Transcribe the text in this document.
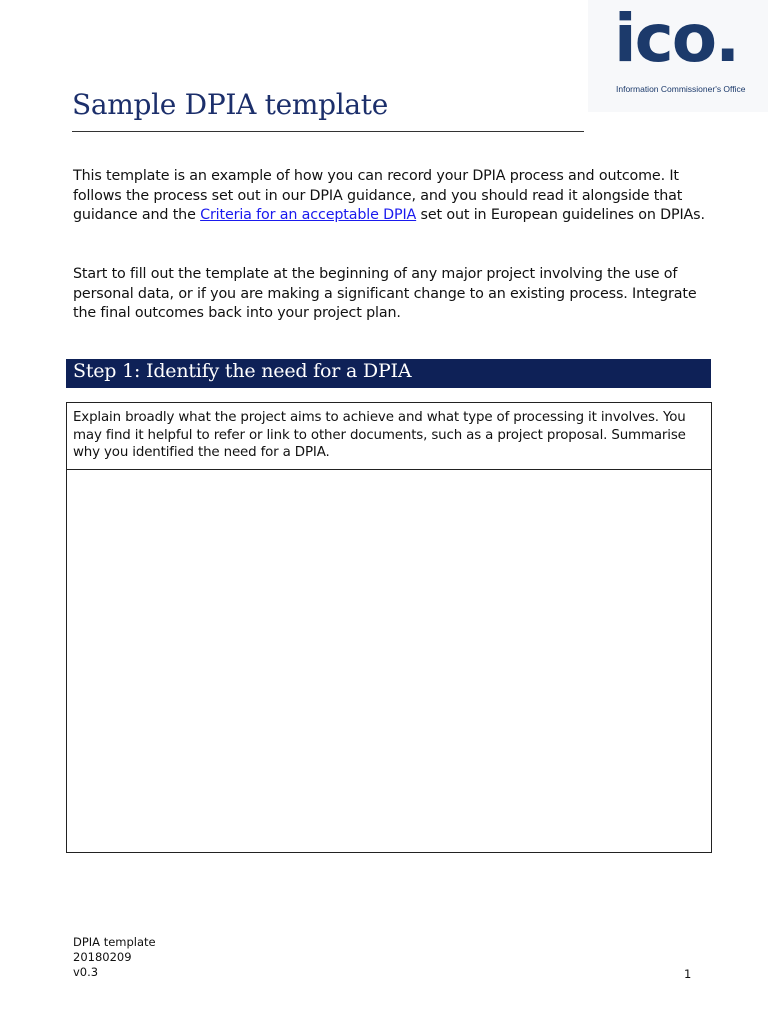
ico.
Information Commissioner's Office
Sample DPIA template

This template is an example of how you can record your DPIA process and outcome. It follows the process set out in our DPIA guidance, and you should read it alongside that guidance and the Criteria for an acceptable DPIA set out in European guidelines on DPIAs.

Start to fill out the template at the beginning of any major project involving the use of personal data, or if you are making a significant change to an existing process. Integrate the final outcomes back into your project plan.

Step 1: Identify the need for a DPIA

Explain broadly what the project aims to achieve and what type of processing it involves. You may find it helpful to refer or link to other documents, such as a project proposal. Summarise why you identified the need for a DPIA.

DPIA template
20180209
v0.3	1
